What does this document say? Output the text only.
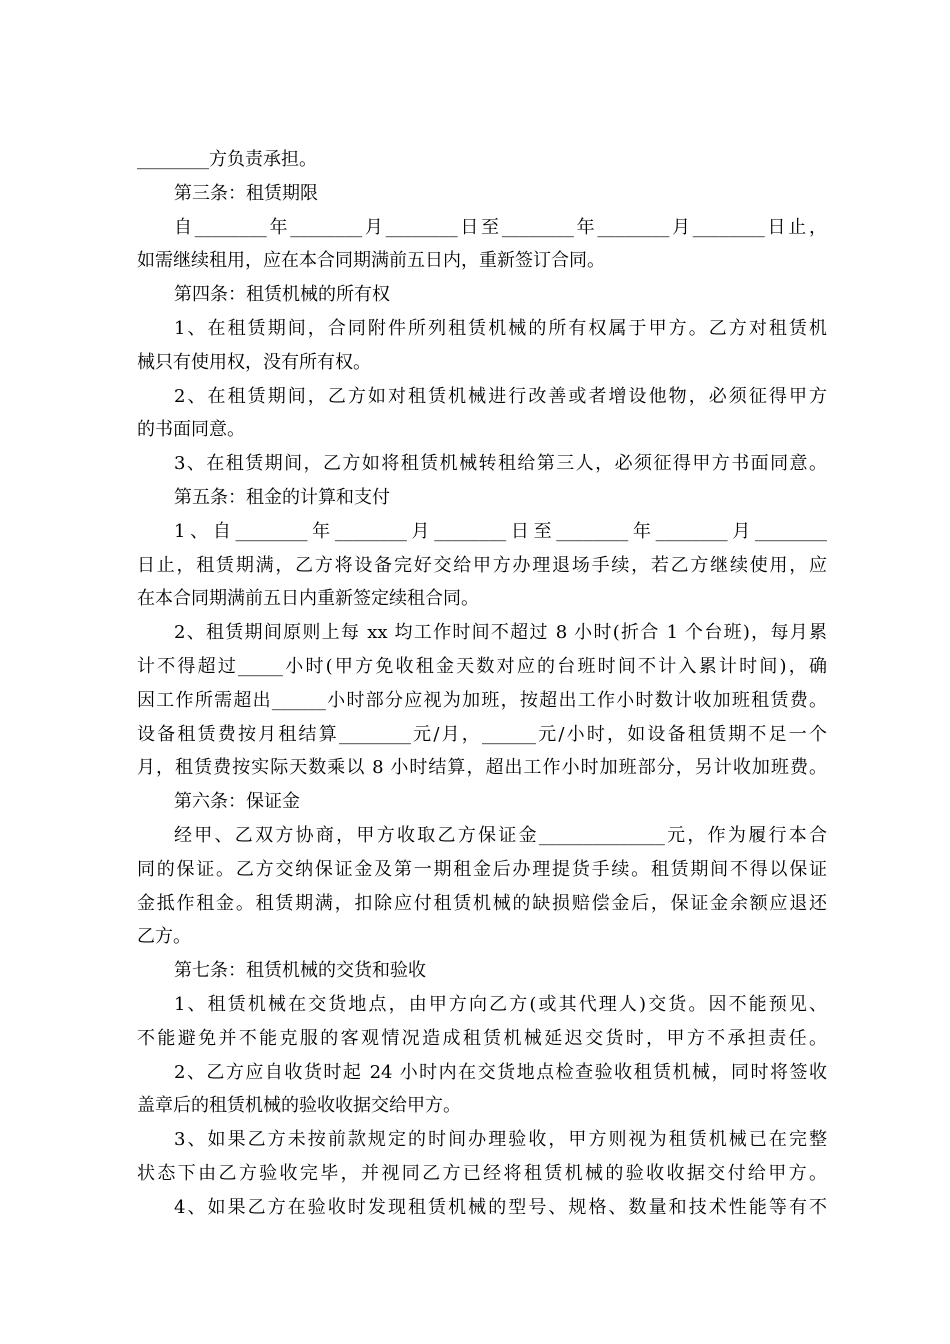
________方负责承担。
第三条：租赁期限
自________年________月________日至________年________月________日止，
如需继续租用，应在本合同期满前五日内，重新签订合同。
第四条：租赁机械的所有权
1、在租赁期间，合同附件所列租赁机械的所有权属于甲方。乙方对租赁机
械只有使用权，没有所有权。
2、在租赁期间，乙方如对租赁机械进行改善或者增设他物，必须征得甲方
的书面同意。
3、在租赁期间，乙方如将租赁机械转租给第三人，必须征得甲方书面同意。
第五条：租金的计算和支付
1、自________年________月________日至________年________月________
日止，租赁期满，乙方将设备完好交给甲方办理退场手续，若乙方继续使用，应
在本合同期满前五日内重新签定续租合同。
2、租赁期间原则上每 xx 均工作时间不超过 8 小时(折合 1 个台班)，每月累
计不得超过_____小时(甲方免收租金天数对应的台班时间不计入累计时间)，确
因工作所需超出______小时部分应视为加班，按超出工作小时数计收加班租赁费。
设备租赁费按月租结算________元/月，______元/小时，如设备租赁期不足一个
月，租赁费按实际天数乘以 8 小时结算，超出工作小时加班部分，另计收加班费。
第六条：保证金
经甲、乙双方协商，甲方收取乙方保证金______________元，作为履行本合
同的保证。乙方交纳保证金及第一期租金后办理提货手续。租赁期间不得以保证
金抵作租金。租赁期满，扣除应付租赁机械的缺损赔偿金后，保证金余额应退还
乙方。
第七条：租赁机械的交货和验收
1、租赁机械在交货地点，由甲方向乙方(或其代理人)交货。因不能预见、
不能避免并不能克服的客观情况造成租赁机械延迟交货时，甲方不承担责任。
2、乙方应自收货时起 24 小时内在交货地点检查验收租赁机械，同时将签收
盖章后的租赁机械的验收收据交给甲方。
3、如果乙方未按前款规定的时间办理验收，甲方则视为租赁机械已在完整
状态下由乙方验收完毕，并视同乙方已经将租赁机械的验收收据交付给甲方。
4、如果乙方在验收时发现租赁机械的型号、规格、数量和技术性能等有不
